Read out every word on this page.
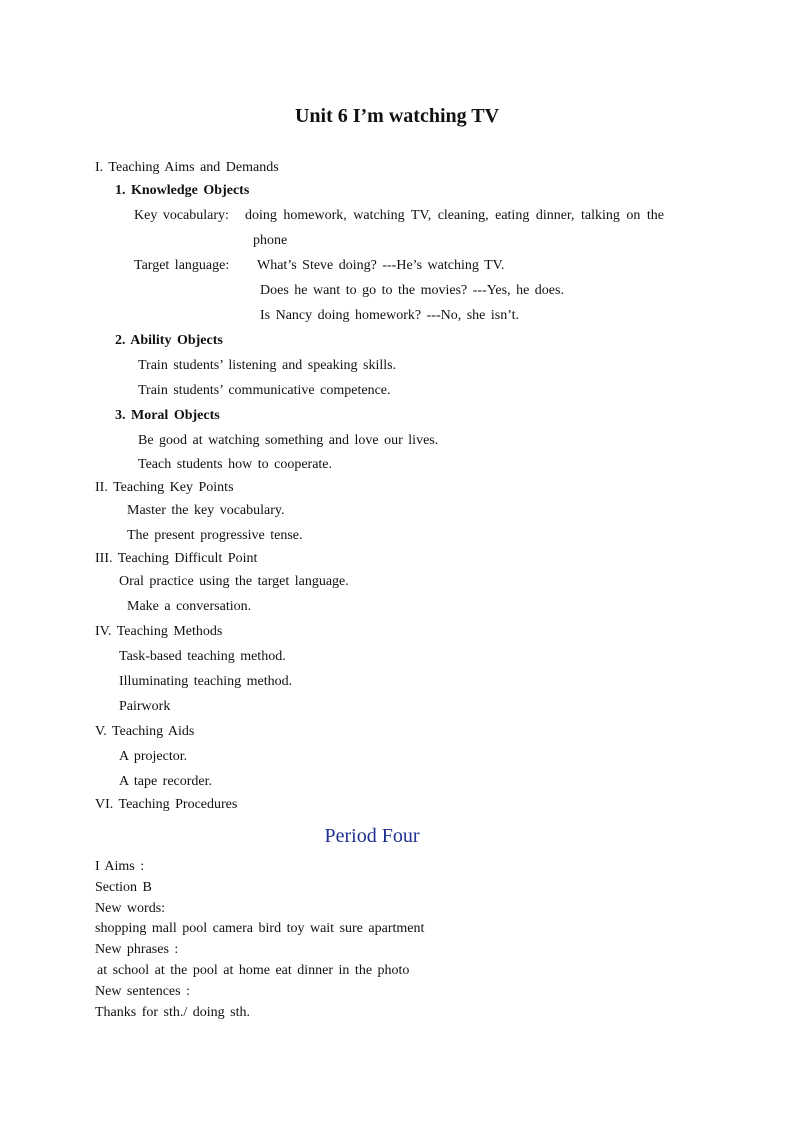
Unit 6 I’m watching TV
I. Teaching Aims and Demands
1. Knowledge Objects
Key vocabulary: doing homework, watching TV, cleaning, eating dinner, talking on the
phone
Target language: What’s Steve doing? ---He’s watching TV.
Does he want to go to the movies? ---Yes, he does.
Is Nancy doing homework? ---No, she isn’t.
2. Ability Objects
Train students’ listening and speaking skills.
Train students’ communicative competence.
3. Moral Objects
Be good at watching something and love our lives.
Teach students how to cooperate.
II. Teaching Key Points
Master the key vocabulary.
The present progressive tense.
III. Teaching Difficult Point
Oral practice using the target language.
Make a conversation.
IV. Teaching Methods
Task-based teaching method.
Illuminating teaching method.
Pairwork
V. Teaching Aids
A projector.
A tape recorder.
VI. Teaching Procedures
Period Four
I Aims :
Section B
New words:
shopping mall pool camera bird toy wait sure apartment
New phrases :
at school at the pool at home eat dinner in the photo
New sentences :
Thanks for sth./ doing sth.
